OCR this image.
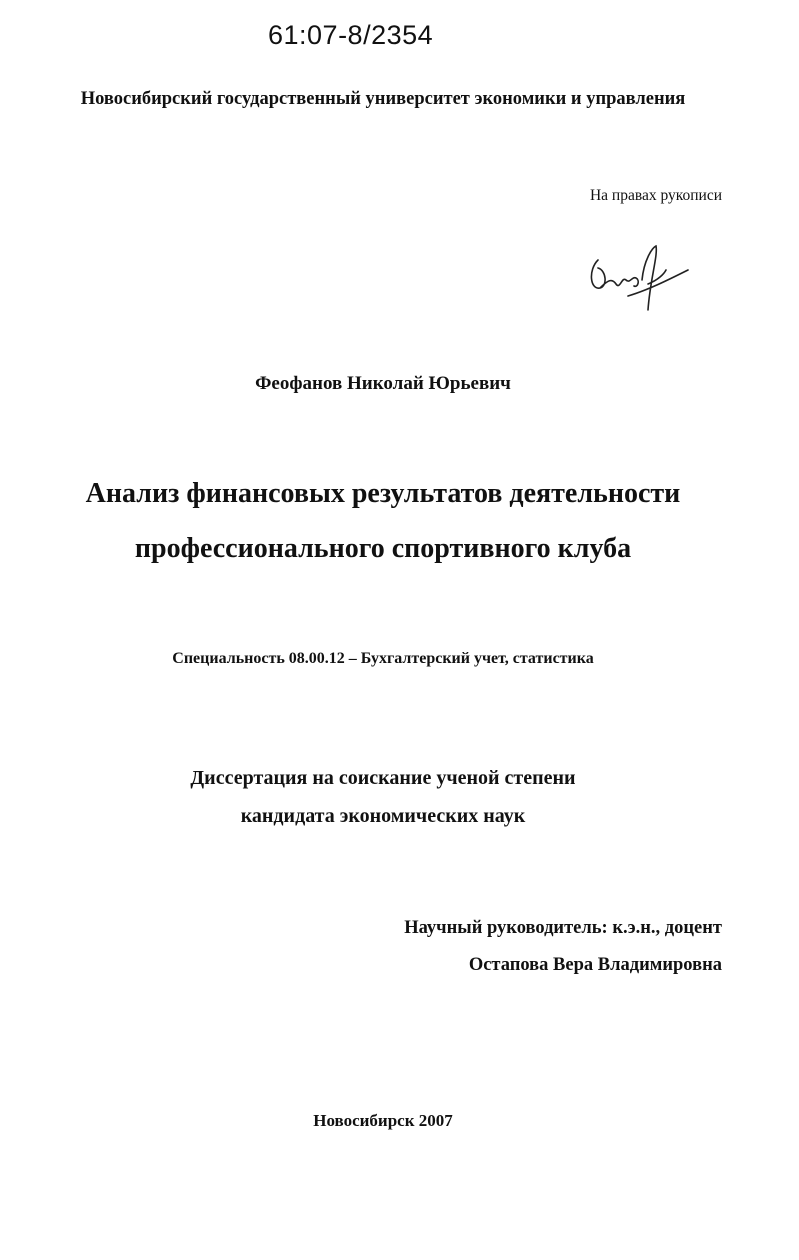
61:07-8/2354
Новосибирский государственный университет экономики и управления
На правах рукописи
Феофанов Николай Юрьевич
Анализ финансовых результатов деятельности
профессионального спортивного клуба
Специальность 08.00.12 – Бухгалтерский учет, статистика
Диссертация на соискание ученой степени
кандидата экономических наук
Научный руководитель: к.э.н., доцент
Остапова Вера Владимировна
Новосибирск 2007
